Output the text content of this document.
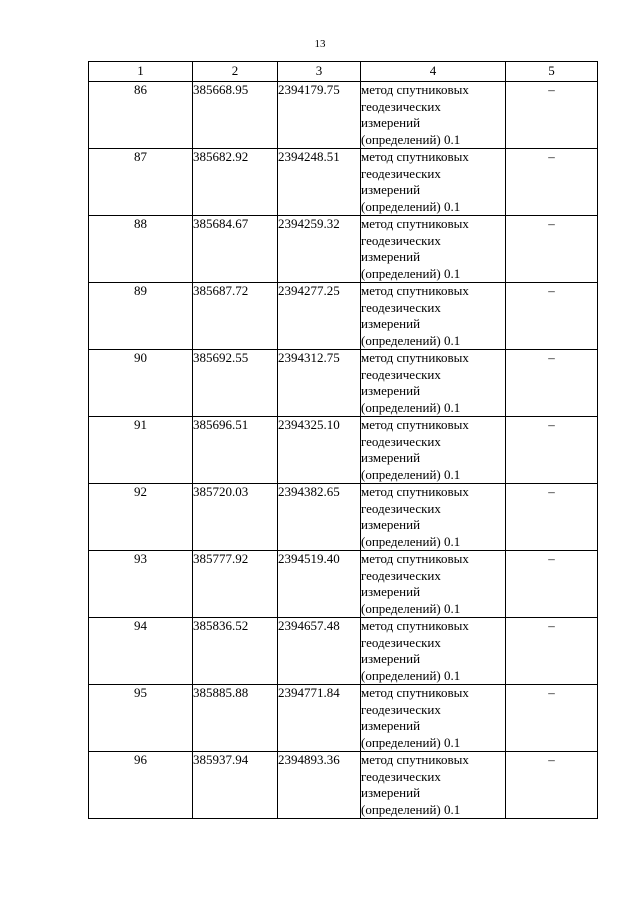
13
1	2	3	4	5
86	385668.95	2394179.75	метод спутниковых
геодезических
измерений
(определений) 0.1	–
87	385682.92	2394248.51	метод спутниковых
геодезических
измерений
(определений) 0.1	–
88	385684.67	2394259.32	метод спутниковых
геодезических
измерений
(определений) 0.1	–
89	385687.72	2394277.25	метод спутниковых
геодезических
измерений
(определений) 0.1	–
90	385692.55	2394312.75	метод спутниковых
геодезических
измерений
(определений) 0.1	–
91	385696.51	2394325.10	метод спутниковых
геодезических
измерений
(определений) 0.1	–
92	385720.03	2394382.65	метод спутниковых
геодезических
измерений
(определений) 0.1	–
93	385777.92	2394519.40	метод спутниковых
геодезических
измерений
(определений) 0.1	–
94	385836.52	2394657.48	метод спутниковых
геодезических
измерений
(определений) 0.1	–
95	385885.88	2394771.84	метод спутниковых
геодезических
измерений
(определений) 0.1	–
96	385937.94	2394893.36	метод спутниковых
геодезических
измерений
(определений) 0.1	–
